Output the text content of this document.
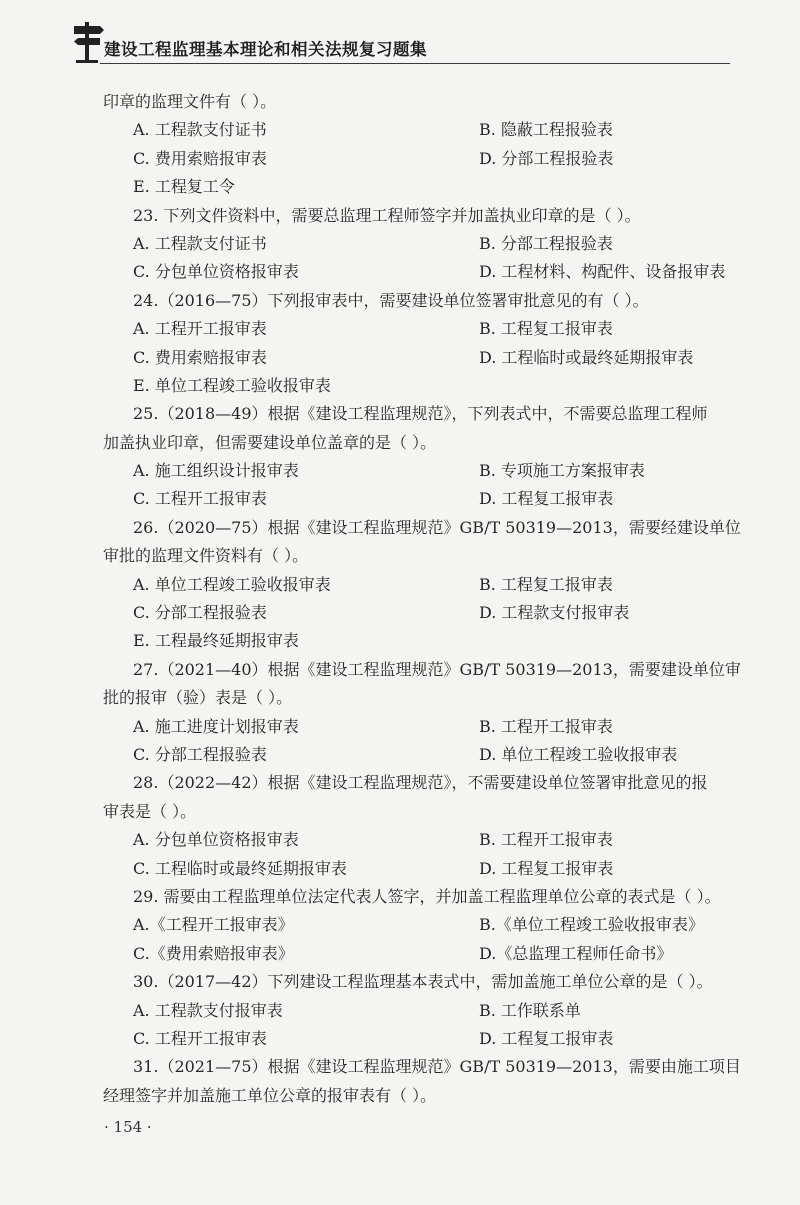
建设工程监理基本理论和相关法规复习题集
印章的监理文件有（ ）。
A. 工程款支付证书	B. 隐蔽工程报验表
C. 费用索赔报审表	D. 分部工程报验表
E. 工程复工令
23. 下列文件资料中，需要总监理工程师签字并加盖执业印章的是（ ）。
A. 工程款支付证书	B. 分部工程报验表
C. 分包单位资格报审表	D. 工程材料、构配件、设备报审表
24.（2016—75）下列报审表中，需要建设单位签署审批意见的有（ ）。
A. 工程开工报审表	B. 工程复工报审表
C. 费用索赔报审表	D. 工程临时或最终延期报审表
E. 单位工程竣工验收报审表
25.（2018—49）根据《建设工程监理规范》，下列表式中，不需要总监理工程师
加盖执业印章，但需要建设单位盖章的是（ ）。
A. 施工组织设计报审表	B. 专项施工方案报审表
C. 工程开工报审表	D. 工程复工报审表
26.（2020—75）根据《建设工程监理规范》GB/T 50319—2013，需要经建设单位
审批的监理文件资料有（ ）。
A. 单位工程竣工验收报审表	B. 工程复工报审表
C. 分部工程报验表	D. 工程款支付报审表
E. 工程最终延期报审表
27.（2021—40）根据《建设工程监理规范》GB/T 50319—2013，需要建设单位审
批的报审（验）表是（ ）。
A. 施工进度计划报审表	B. 工程开工报审表
C. 分部工程报验表	D. 单位工程竣工验收报审表
28.（2022—42）根据《建设工程监理规范》，不需要建设单位签署审批意见的报
审表是（ ）。
A. 分包单位资格报审表	B. 工程开工报审表
C. 工程临时或最终延期报审表	D. 工程复工报审表
29. 需要由工程监理单位法定代表人签字，并加盖工程监理单位公章的表式是（ ）。
A.《工程开工报审表》	B.《单位工程竣工验收报审表》
C.《费用索赔报审表》	D.《总监理工程师任命书》
30.（2017—42）下列建设工程监理基本表式中，需加盖施工单位公章的是（ ）。
A. 工程款支付报审表	B. 工作联系单
C. 工程开工报审表	D. 工程复工报审表
31.（2021—75）根据《建设工程监理规范》GB/T 50319—2013，需要由施工项目
经理签字并加盖施工单位公章的报审表有（ ）。
· 154 ·
